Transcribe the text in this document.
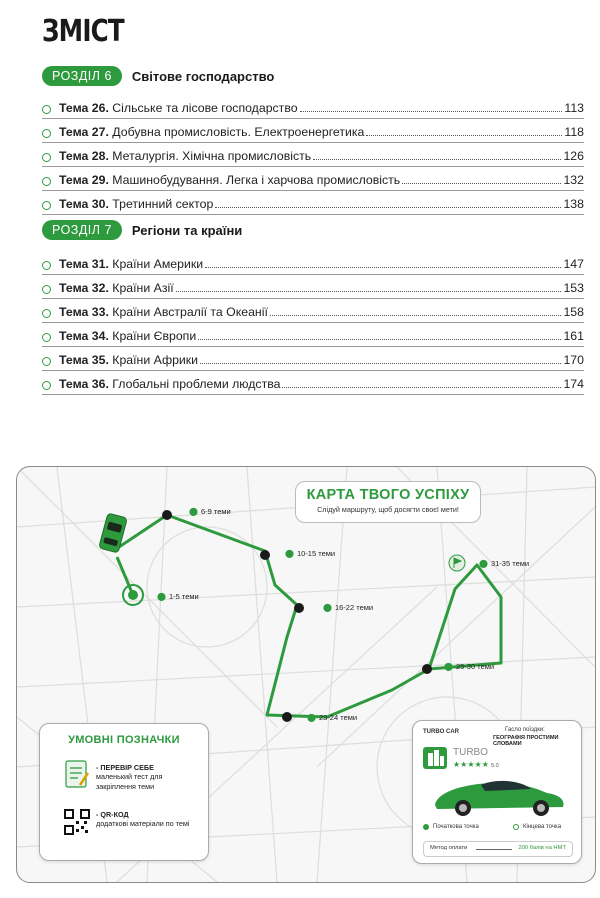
ЗМІСТ
РОЗДІЛ 6	Світове господарство
Тема 26. Сільське та лісове господарство	113
Тема 27. Добувна промисловість. Електроенергетика	118
Тема 28. Металургія. Хімічна промисловість	126
Тема 29. Машинобудування. Легка і харчова промисловість	132
Тема 30. Третинний сектор	138
РОЗДІЛ 7	Регіони та країни
Тема 31. Країни Америки	147
Тема 32. Країни Азії	153
Тема 33. Країни Австралії та Океанії	158
Тема 34. Країни Європи	161
Тема 35. Країни Африки	170
Тема 36. Глобальні проблеми людства	174
КАРТА ТВОГО УСПІХУ
Слідуй маршруту, щоб досягти своєї мети!
⬤ 1-5 теми
⬤ 6-9 теми
⬤ 10-15 теми
⬤ 16-22 теми
⬤ 23-24 теми
⬤ 25-30 теми
⬤ 31-35 теми
УМОВНІ ПОЗНАЧКИ
- ПЕРЕВІР СЕБЕ
маленький тест для закріплення теми
- QR-КОД
додаткові матеріали по темі
TURBO CAR	Гасло поїздки:
ГЕОГРАФІЯ ПРОСТИМИ СЛОВАМИ
TURBO
★★★★★ 5.0
Початкова точка	Кінцева точка
Метод оплати	200 балів на НМТ
